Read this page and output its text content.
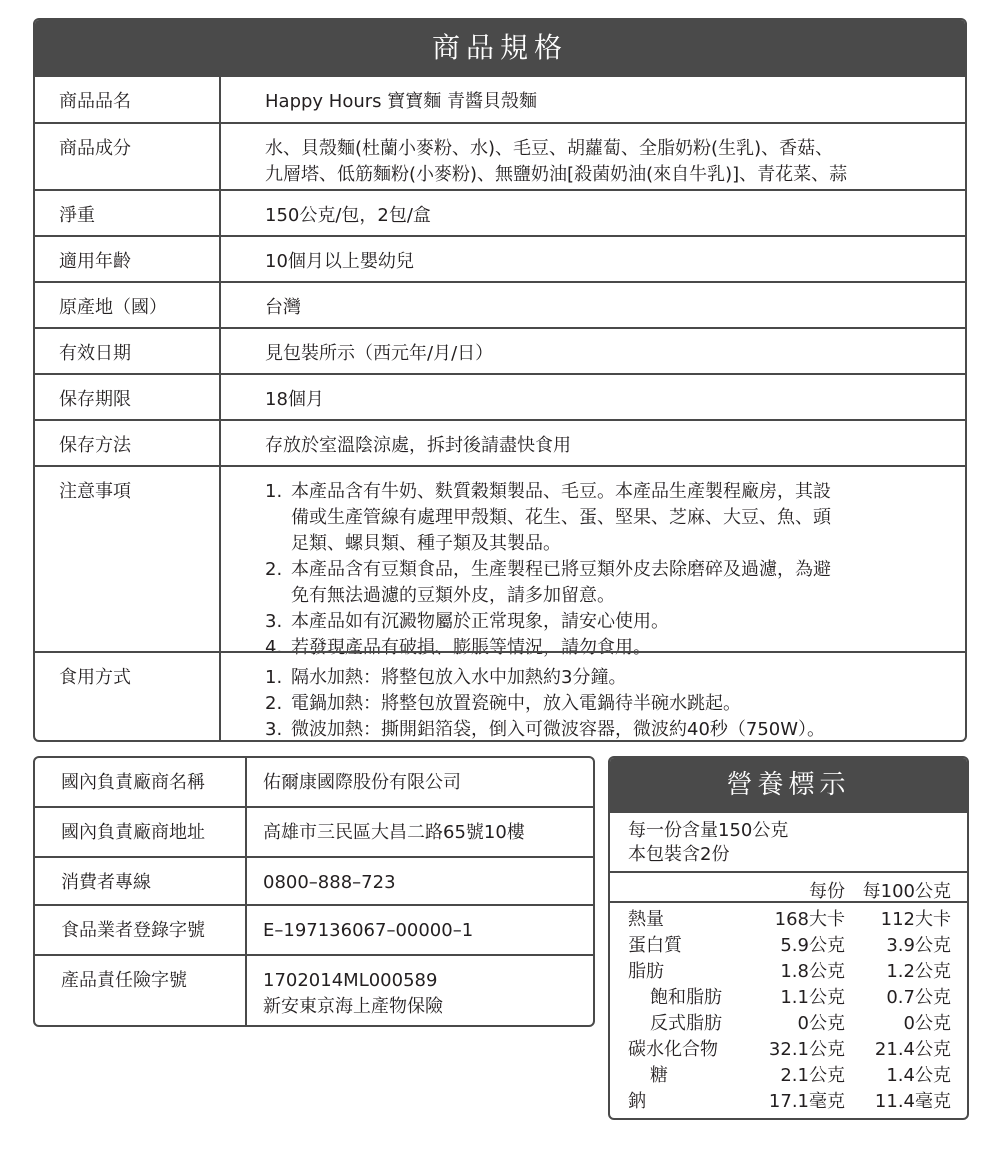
商品規格
商品品名	Happy Hours 寶寶麵 青醬貝殼麵
商品成分	水、貝殼麵(杜蘭小麥粉、水)、毛豆、胡蘿蔔、全脂奶粉(生乳)、香菇、
九層塔、低筋麵粉(小麥粉)、無鹽奶油[殺菌奶油(來自牛乳)]、青花菜、蒜
淨重	150公克/包，2包/盒
適用年齡	10個月以上嬰幼兒
原產地（國）	台灣
有效日期	見包裝所示（西元年/月/日）
保存期限	18個月
保存方法	存放於室溫陰涼處，拆封後請盡快食用
注意事項	1. 本產品含有牛奶、麩質穀類製品、毛豆。本產品生產製程廠房，其設
備或生產管線有處理甲殼類、花生、蛋、堅果、芝麻、大豆、魚、頭
足類、螺貝類、種子類及其製品。
2. 本產品含有豆類食品，生產製程已將豆類外皮去除磨碎及過濾，為避
免有無法過濾的豆類外皮，請多加留意。
3. 本產品如有沉澱物屬於正常現象，請安心使用。
4. 若發現產品有破損、膨脹等情況，請勿食用。
食用方式	1. 隔水加熱：將整包放入水中加熱約3分鐘。
2. 電鍋加熱：將整包放置瓷碗中，放入電鍋待半碗水跳起。
3. 微波加熱：撕開鋁箔袋，倒入可微波容器，微波約40秒（750W）。
國內負責廠商名稱	佑爾康國際股份有限公司
國內負責廠商地址	高雄市三民區大昌二路65號10樓
消費者專線	0800–888–723
食品業者登錄字號	E–197136067–00000–1
產品責任險字號	1702014ML000589
新安東京海上產物保險
營養標示
每一份含量150公克
本包裝含2份
每份 每100公克
熱量	168大卡 112大卡
蛋白質	5.9公克 3.9公克
脂肪	1.8公克 1.2公克
飽和脂肪	1.1公克 0.7公克
反式脂肪	0公克	0公克
碳水化合物	32.1公克 21.4公克
糖	2.1公克 1.4公克
鈉	17.1毫克 11.4毫克
